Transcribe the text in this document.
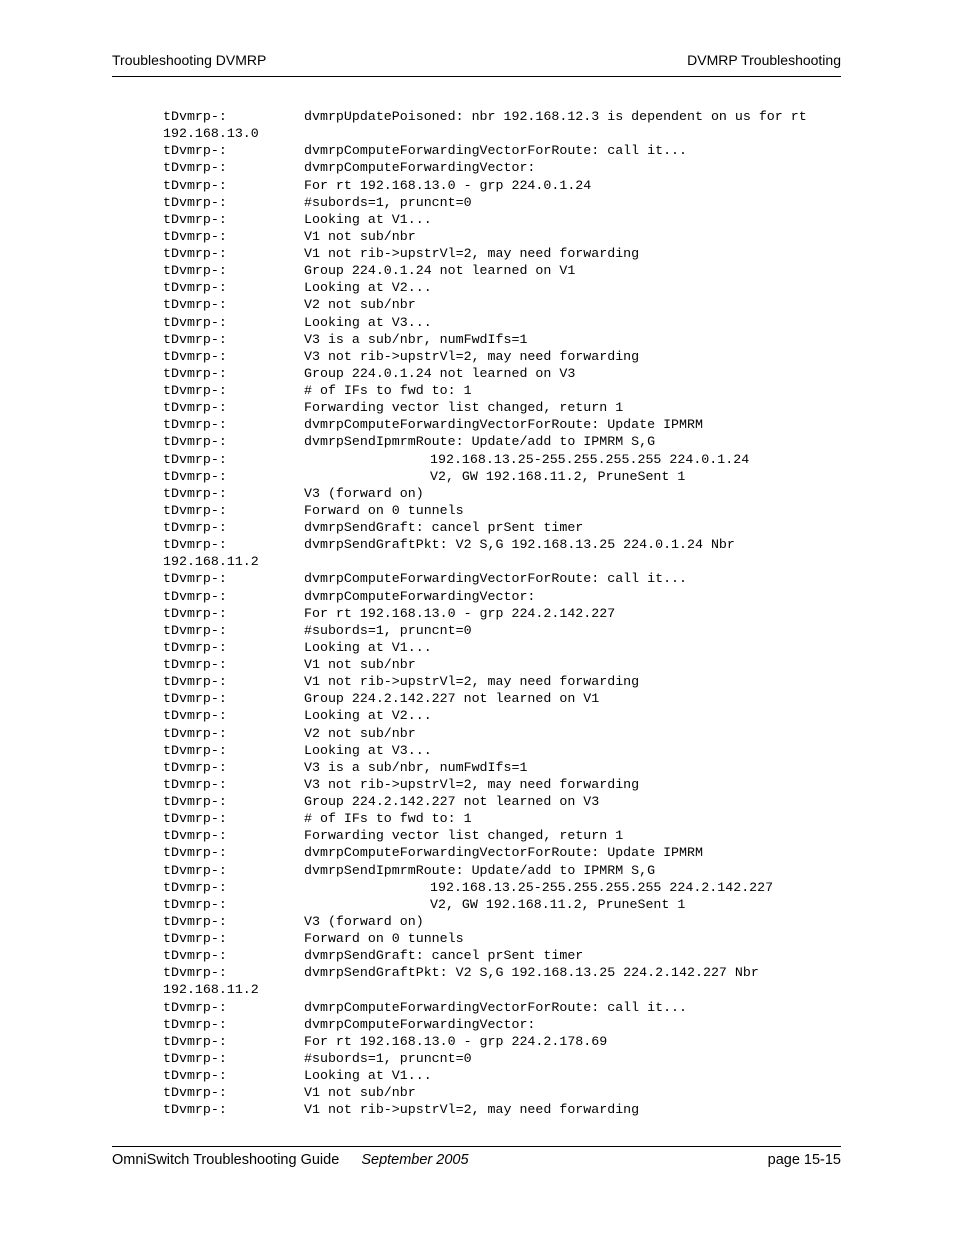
Troubleshooting DVMRP	DVMRP Troubleshooting
tDvmrp-:	dvmrpUpdatePoisoned: nbr 192.168.12.3 is dependent on us for rt
192.168.13.0
tDvmrp-:	dvmrpComputeForwardingVectorForRoute: call it...
tDvmrp-:	dvmrpComputeForwardingVector:
tDvmrp-:	For rt 192.168.13.0 - grp 224.0.1.24
tDvmrp-:	#subords=1, pruncnt=0
tDvmrp-:	Looking at V1...
tDvmrp-:	V1 not sub/nbr
tDvmrp-:	V1 not rib->upstrVl=2, may need forwarding
tDvmrp-:	Group 224.0.1.24 not learned on V1
tDvmrp-:	Looking at V2...
tDvmrp-:	V2 not sub/nbr
tDvmrp-:	Looking at V3...
tDvmrp-:	V3 is a sub/nbr, numFwdIfs=1
tDvmrp-:	V3 not rib->upstrVl=2, may need forwarding
tDvmrp-:	Group 224.0.1.24 not learned on V3
tDvmrp-:	# of IFs to fwd to: 1
tDvmrp-:	Forwarding vector list changed, return 1
tDvmrp-:	dvmrpComputeForwardingVectorForRoute: Update IPMRM
tDvmrp-:	dvmrpSendIpmrmRoute: Update/add to IPMRM S,G
tDvmrp-:	192.168.13.25-255.255.255.255 224.0.1.24
tDvmrp-:	V2, GW 192.168.11.2, PruneSent 1
tDvmrp-:	V3 (forward on)
tDvmrp-:	Forward on 0 tunnels
tDvmrp-:	dvmrpSendGraft: cancel prSent timer
tDvmrp-:	dvmrpSendGraftPkt: V2 S,G 192.168.13.25 224.0.1.24 Nbr
192.168.11.2
tDvmrp-:	dvmrpComputeForwardingVectorForRoute: call it...
tDvmrp-:	dvmrpComputeForwardingVector:
tDvmrp-:	For rt 192.168.13.0 - grp 224.2.142.227
tDvmrp-:	#subords=1, pruncnt=0
tDvmrp-:	Looking at V1...
tDvmrp-:	V1 not sub/nbr
tDvmrp-:	V1 not rib->upstrVl=2, may need forwarding
tDvmrp-:	Group 224.2.142.227 not learned on V1
tDvmrp-:	Looking at V2...
tDvmrp-:	V2 not sub/nbr
tDvmrp-:	Looking at V3...
tDvmrp-:	V3 is a sub/nbr, numFwdIfs=1
tDvmrp-:	V3 not rib->upstrVl=2, may need forwarding
tDvmrp-:	Group 224.2.142.227 not learned on V3
tDvmrp-:	# of IFs to fwd to: 1
tDvmrp-:	Forwarding vector list changed, return 1
tDvmrp-:	dvmrpComputeForwardingVectorForRoute: Update IPMRM
tDvmrp-:	dvmrpSendIpmrmRoute: Update/add to IPMRM S,G
tDvmrp-:	192.168.13.25-255.255.255.255 224.2.142.227
tDvmrp-:	V2, GW 192.168.11.2, PruneSent 1
tDvmrp-:	V3 (forward on)
tDvmrp-:	Forward on 0 tunnels
tDvmrp-:	dvmrpSendGraft: cancel prSent timer
tDvmrp-:	dvmrpSendGraftPkt: V2 S,G 192.168.13.25 224.2.142.227 Nbr
192.168.11.2
tDvmrp-:	dvmrpComputeForwardingVectorForRoute: call it...
tDvmrp-:	dvmrpComputeForwardingVector:
tDvmrp-:	For rt 192.168.13.0 - grp 224.2.178.69
tDvmrp-:	#subords=1, pruncnt=0
tDvmrp-:	Looking at V1...
tDvmrp-:	V1 not sub/nbr
tDvmrp-:	V1 not rib->upstrVl=2, may need forwarding
OmniSwitch Troubleshooting Guide September 2005	page 15-15
